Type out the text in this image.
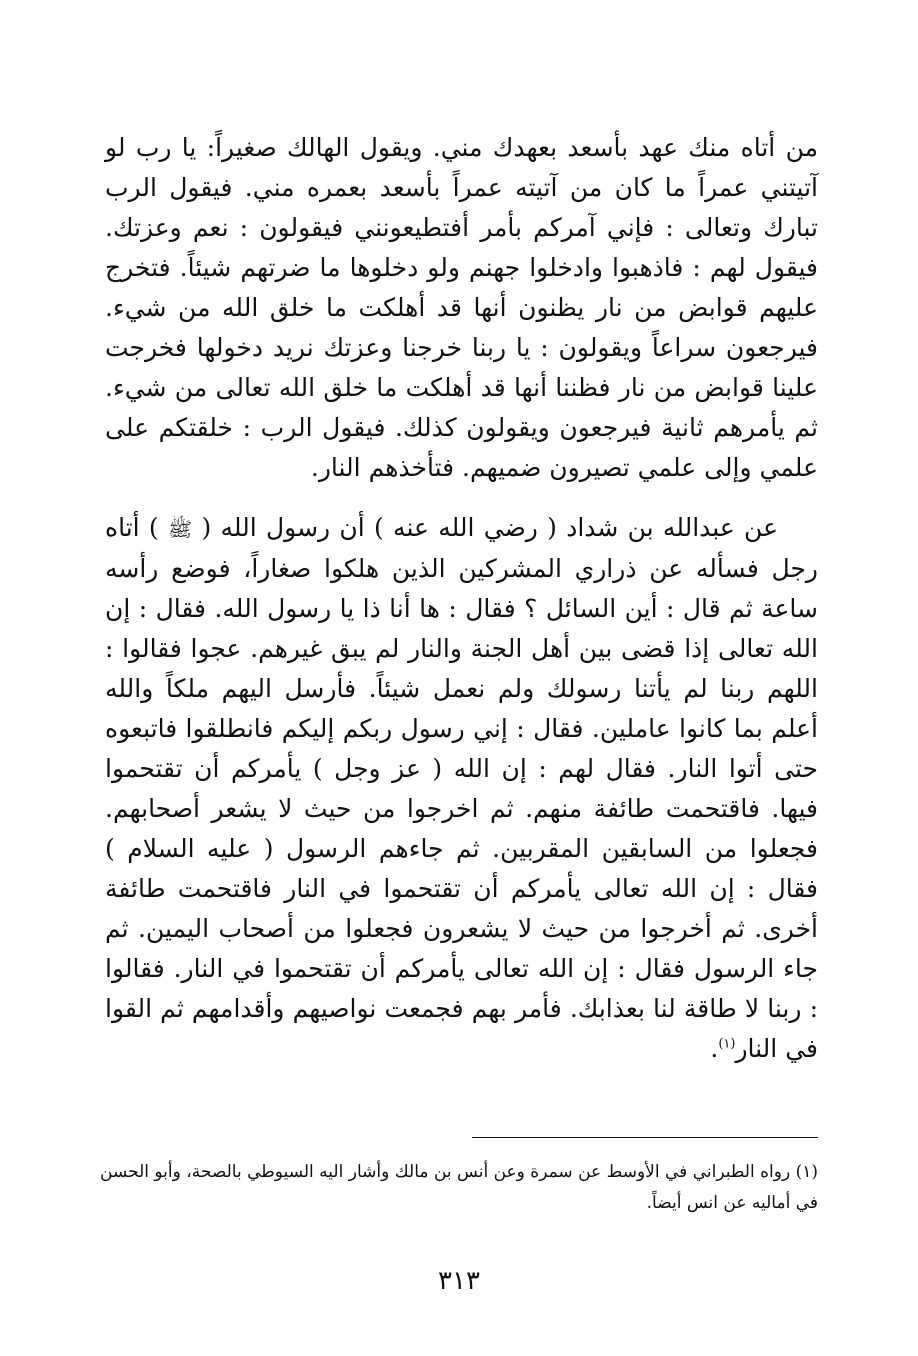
من أتاه منك عهد بأسعد بعهدك مني. ويقول الهالك صغيراً: يا رب لو آتيتني عمراً ما كان من آتيته عمراً بأسعد بعمره مني. فيقول الرب تبارك وتعالى : فإني آمركم بأمر أفتطيعونني فيقولون : نعم وعزتك. فيقول لهم : فاذهبوا وادخلوا جهنم ولو دخلوها ما ضرتهم شيئاً. فتخرج عليهم قوابض من نار يظنون أنها قد أهلكت ما خلق الله من شيء. فيرجعون سراعاً ويقولون : يا ربنا خرجنا وعزتك نريد دخولها فخرجت علينا قوابض من نار فظننا أنها قد أهلكت ما خلق الله تعالى من شيء. ثم يأمرهم ثانية فيرجعون ويقولون كذلك. فيقول الرب : خلقتكم على علمي وإلى علمي تصيرون ضميهم. فتأخذهم النار.

عن عبدالله بن شداد ( رضي الله عنه ) أن رسول الله ( ﷺ ) أتاه رجل فسأله عن ذراري المشركين الذين هلكوا صغاراً، فوضع رأسه ساعة ثم قال : أين السائل ؟ فقال : ها أنا ذا يا رسول الله. فقال : إن الله تعالى إذا قضى بين أهل الجنة والنار لم يبق غيرهم. عجوا فقالوا : اللهم ربنا لم يأتنا رسولك ولم نعمل شيئاً. فأرسل اليهم ملكاً والله أعلم بما كانوا عاملين. فقال : إني رسول ربكم إليكم فانطلقوا فاتبعوه حتى أتوا النار. فقال لهم : إن الله ( عز وجل ) يأمركم أن تقتحموا فيها. فاقتحمت طائفة منهم. ثم اخرجوا من حيث لا يشعر أصحابهم. فجعلوا من السابقين المقربين. ثم جاءهم الرسول ( عليه السلام ) فقال : إن الله تعالى يأمركم أن تقتحموا في النار فاقتحمت طائفة أخرى. ثم أخرجوا من حيث لا يشعرون فجعلوا من أصحاب اليمين. ثم جاء الرسول فقال : إن الله تعالى يأمركم أن تقتحموا في النار. فقالوا : ربنا لا طاقة لنا بعذابك. فأمر بهم فجمعت نواصيهم وأقدامهم ثم القوا في النار$^{(١)}$.

(١) رواه الطبراني في الأوسط عن سمرة وعن أنس بن مالك وأشار اليه السيوطي بالصحة، وأبو الحسن في أماليه عن انس أيضاً.

٣١٣
